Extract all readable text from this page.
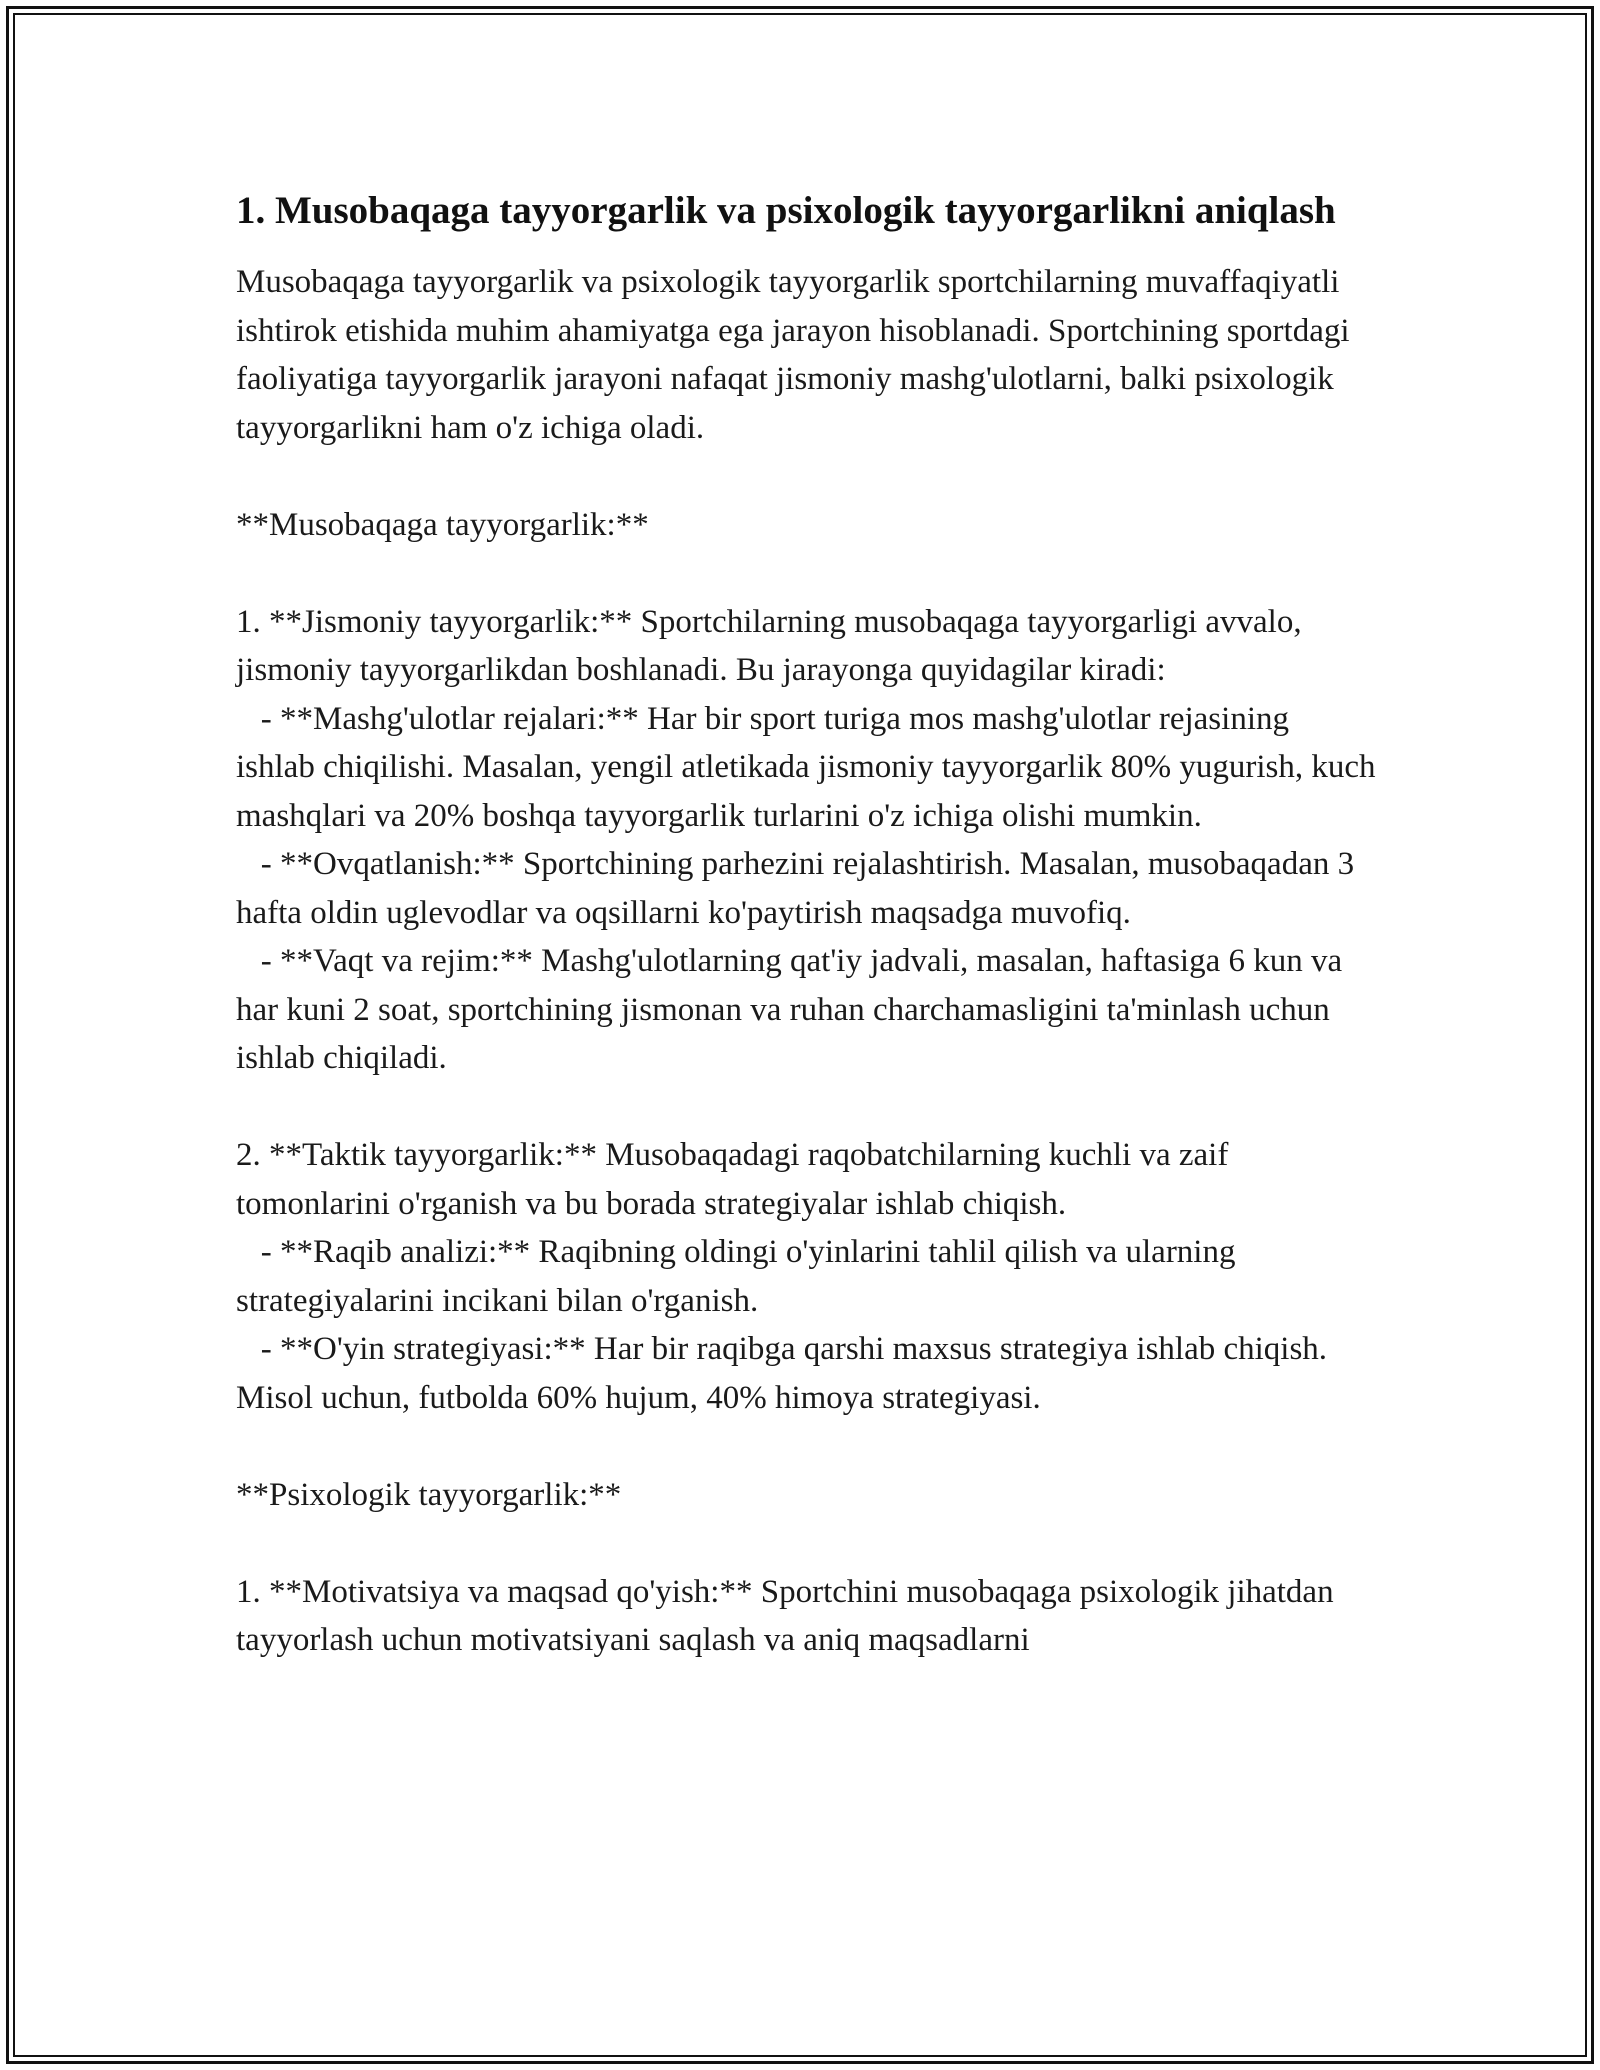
1. Musobaqaga tayyorgarlik va psixologik tayyorgarlikni aniqlash

Musobaqaga tayyorgarlik va psixologik tayyorgarlik sportchilarning muvaffaqiyatli ishtirok etishida muhim ahamiyatga ega jarayon hisoblanadi. Sportchining sportdagi faoliyatiga tayyorgarlik jarayoni nafaqat jismoniy mashg'ulotlarni, balki psixologik tayyorgarlikni ham o'z ichiga oladi.

**Musobaqaga tayyorgarlik:**

1. **Jismoniy tayyorgarlik:** Sportchilarning musobaqaga tayyorgarligi avvalo, jismoniy tayyorgarlikdan boshlanadi. Bu jarayonga quyidagilar kiradi:

- **Mashg'ulotlar rejalari:** Har bir sport turiga mos mashg'ulotlar rejasining ishlab chiqilishi. Masalan, yengil atletikada jismoniy tayyorgarlik 80% yugurish, kuch mashqlari va 20% boshqa tayyorgarlik turlarini o'z ichiga olishi mumkin.

- **Ovqatlanish:** Sportchining parhezini rejalashtirish. Masalan, musobaqadan 3 hafta oldin uglevodlar va oqsillarni ko'paytirish maqsadga muvofiq.

- **Vaqt va rejim:** Mashg'ulotlarning qat'iy jadvali, masalan, haftasiga 6 kun va har kuni 2 soat, sportchining jismonan va ruhan charchamasligini ta'minlash uchun ishlab chiqiladi.

2. **Taktik tayyorgarlik:** Musobaqadagi raqobatchilarning kuchli va zaif tomonlarini o'rganish va bu borada strategiyalar ishlab chiqish.

- **Raqib analizi:** Raqibning oldingi o'yinlarini tahlil qilish va ularning strategiyalarini incikani bilan o'rganish.

- **O'yin strategiyasi:** Har bir raqibga qarshi maxsus strategiya ishlab chiqish. Misol uchun, futbolda 60% hujum, 40% himoya strategiyasi.

**Psixologik tayyorgarlik:**

1. **Motivatsiya va maqsad qo'yish:** Sportchini musobaqaga psixologik jihatdan tayyorlash uchun motivatsiyani saqlash va aniq maqsadlarni
